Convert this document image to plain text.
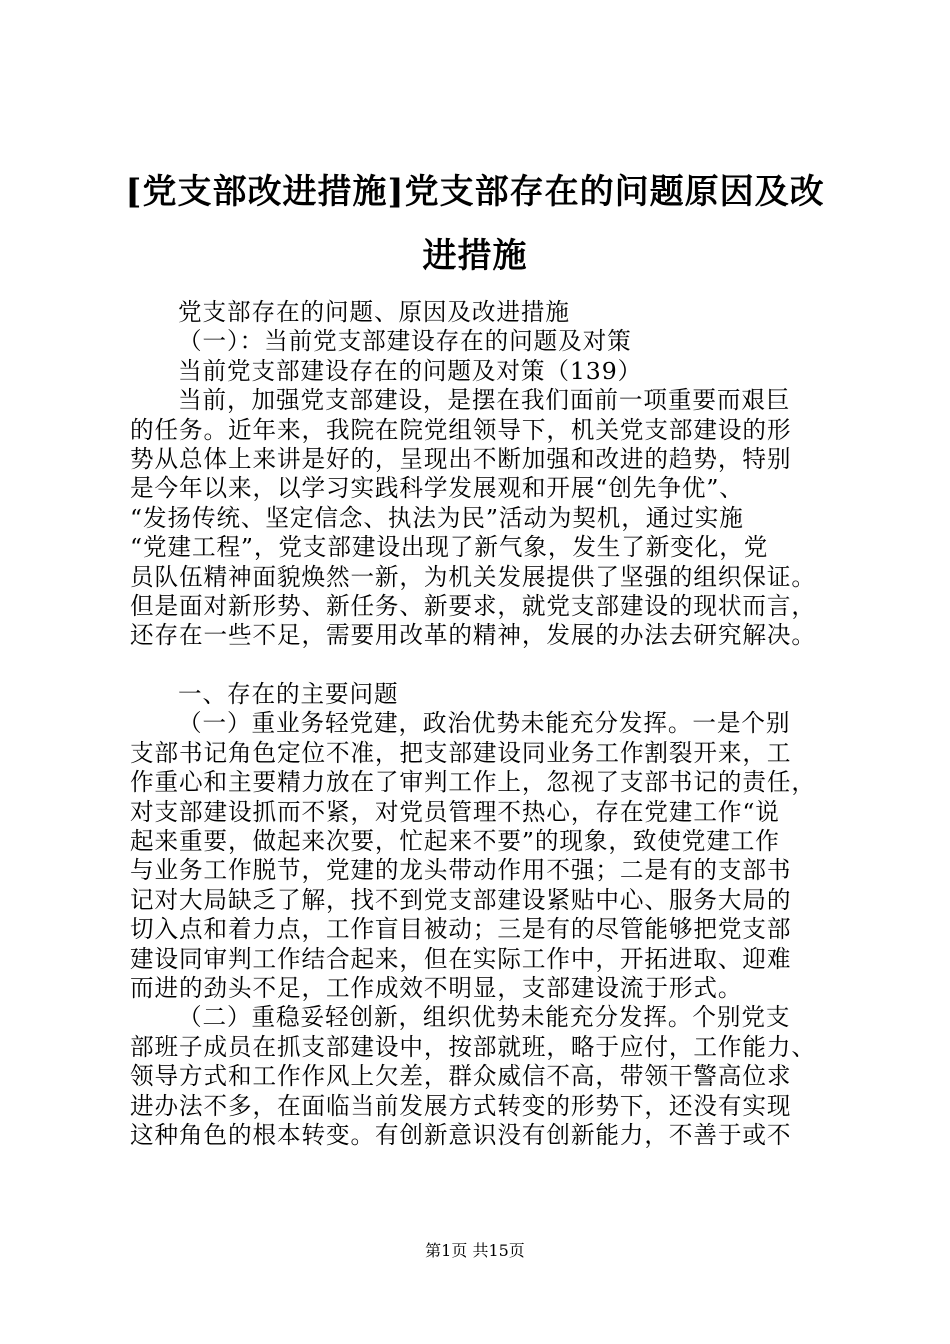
[党支部改进措施]党支部存在的问题原因及改
进措施
党支部存在的问题、原因及改进措施
（一）：当前党支部建设存在的问题及对策
当前党支部建设存在的问题及对策（139）
当前，加强党支部建设，是摆在我们面前一项重要而艰巨
的任务。近年来，我院在院党组领导下，机关党支部建设的形
势从总体上来讲是好的，呈现出不断加强和改进的趋势，特别
是今年以来，以学习实践科学发展观和开展“创先争优”、
“发扬传统、坚定信念、执法为民”活动为契机，通过实施
“党建工程”，党支部建设出现了新气象，发生了新变化，党
员队伍精神面貌焕然一新，为机关发展提供了坚强的组织保证。
但是面对新形势、新任务、新要求，就党支部建设的现状而言，
还存在一些不足，需要用改革的精神，发展的办法去研究解决。
一、存在的主要问题
（一）重业务轻党建，政治优势未能充分发挥。一是个别
支部书记角色定位不准，把支部建设同业务工作割裂开来，工
作重心和主要精力放在了审判工作上，忽视了支部书记的责任，
对支部建设抓而不紧，对党员管理不热心，存在党建工作“说
起来重要，做起来次要，忙起来不要”的现象，致使党建工作
与业务工作脱节，党建的龙头带动作用不强；二是有的支部书
记对大局缺乏了解，找不到党支部建设紧贴中心、服务大局的
切入点和着力点，工作盲目被动；三是有的尽管能够把党支部
建设同审判工作结合起来，但在实际工作中，开拓进取、迎难
而进的劲头不足，工作成效不明显，支部建设流于形式。
（二）重稳妥轻创新，组织优势未能充分发挥。个别党支
部班子成员在抓支部建设中，按部就班，略于应付，工作能力、
领导方式和工作作风上欠差，群众威信不高，带领干警高位求
进办法不多，在面临当前发展方式转变的形势下，还没有实现
这种角色的根本转变。有创新意识没有创新能力，不善于或不
第1页 共15页
